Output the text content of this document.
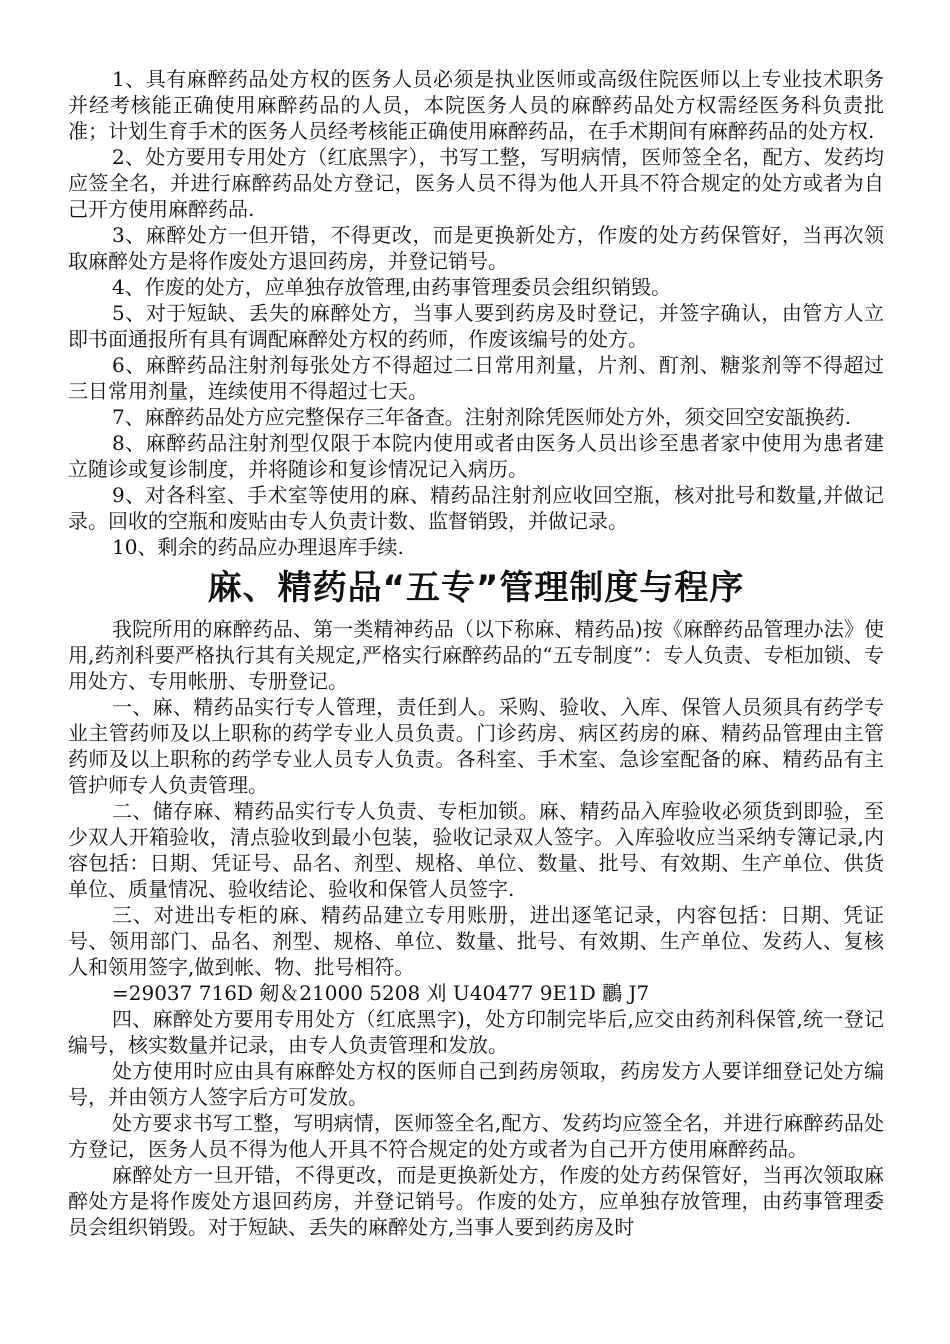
1、具有麻醉药品处方权的医务人员必须是执业医师或高级住院医师以上专业技术职务并经考核能正确使用麻醉药品的人员，本院医务人员的麻醉药品处方权需经医务科负责批准；计划生育手术的医务人员经考核能正确使用麻醉药品，在手术期间有麻醉药品的处方权.

2、处方要用专用处方（红底黑字），书写工整，写明病情，医师签全名，配方、发药均应签全名，并进行麻醉药品处方登记，医务人员不得为他人开具不符合规定的处方或者为自己开方使用麻醉药品.

3、麻醉处方一但开错，不得更改，而是更换新处方，作废的处方药保管好，当再次领取麻醉处方是将作废处方退回药房，并登记销号。

4、作废的处方，应单独存放管理,由药事管理委员会组织销毁。

5、对于短缺、丢失的麻醉处方，当事人要到药房及时登记，并签字确认，由管方人立即书面通报所有具有调配麻醉处方权的药师，作废该编号的处方。

6、麻醉药品注射剂每张处方不得超过二日常用剂量，片剂、酊剂、糖浆剂等不得超过三日常用剂量，连续使用不得超过七天。

7、麻醉药品处方应完整保存三年备查。注射剂除凭医师处方外，须交回空安瓿换药.

8、麻醉药品注射剂型仅限于本院内使用或者由医务人员出诊至患者家中使用为患者建立随诊或复诊制度，并将随诊和复诊情况记入病历。

9、对各科室、手术室等使用的麻、精药品注射剂应收回空瓶，核对批号和数量,并做记录。回收的空瓶和废贴由专人负责计数、监督销毁，并做记录。

10、剩余的药品应办理退库手续.

麻、精药品“五专”管理制度与程序

我院所用的麻醉药品、第一类精神药品（以下称麻、精药品)按《麻醉药品管理办法》使用,药剂科要严格执行其有关规定,严格实行麻醉药品的“五专制度”：专人负责、专柜加锁、专用处方、专用帐册、专册登记。

一、麻、精药品实行专人管理，责任到人。采购、验收、入库、保管人员须具有药学专业主管药师及以上职称的药学专业人员负责。门诊药房、病区药房的麻、精药品管理由主管药师及以上职称的药学专业人员专人负责。各科室、手术室、急诊室配备的麻、精药品有主管护师专人负责管理。

二、储存麻、精药品实行专人负责、专柜加锁。麻、精药品入库验收必须货到即验，至少双人开箱验收，清点验收到最小包装，验收记录双人签字。入库验收应当采纳专簿记录,内容包括：日期、凭证号、品名、剂型、规格、单位、数量、批号、有效期、生产单位、供货单位、质量情况、验收结论、验收和保管人员签字.

三、对进出专柜的麻、精药品建立专用账册，进出逐笔记录，内容包括：日期、凭证号、领用部门、品名、剂型、规格、单位、数量、批号、有效期、生产单位、发药人、复核人和领用签字,做到帐、物、批号相符。

=29037 716D 剱＆21000 5208 刈 U40477 9E1D 鸝 J7

四、麻醉处方要用专用处方（红底黑字)，处方印制完毕后,应交由药剂科保管,统一登记编号，核实数量并记录，由专人负责管理和发放。

处方使用时应由具有麻醉处方权的医师自己到药房领取，药房发方人要详细登记处方编号，并由领方人签字后方可发放。

处方要求书写工整，写明病情，医师签全名,配方、发药均应签全名，并进行麻醉药品处方登记，医务人员不得为他人开具不符合规定的处方或者为自己开方使用麻醉药品。

麻醉处方一旦开错，不得更改，而是更换新处方，作废的处方药保管好，当再次领取麻醉处方是将作废处方退回药房，并登记销号。作废的处方，应单独存放管理，由药事管理委员会组织销毁。对于短缺、丢失的麻醉处方,当事人要到药房及时
